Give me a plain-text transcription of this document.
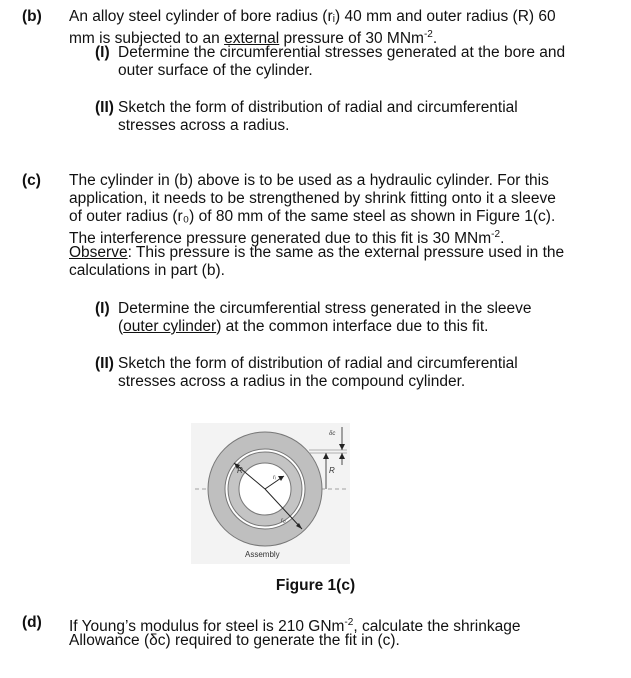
(b) An alloy steel cylinder of bore radius (rᵢ) 40 mm and outer radius (R) 60
mm is subjected to an external pressure of 30 MNm$^{-2}$.
(I) Determine the circumferential stresses generated at the bore and
outer surface of the cylinder.
(II) Sketch the form of distribution of radial and circumferential
stresses across a radius.
(c) The cylinder in (b) above is to be used as a hydraulic cylinder. For this
application, it needs to be strengthened by shrink fitting onto it a sleeve
of outer radius (r₀) of 80 mm of the same steel as shown in Figure 1(c).
The interference pressure generated due to this fit is 30 MNm$^{-2}$.
Observe: This pressure is the same as the external pressure used in the
calculations in part (b).
(I) Determine the circumferential stress generated in the sleeve
(outer cylinder) at the common interface due to this fit.
(II) Sketch the form of distribution of radial and circumferential
stresses across a radius in the compound cylinder.
R
rᵢ
r₀
R
δc
Assembly
Figure 1(c)
(d) If Young’s modulus for steel is 210 GNm$^{-2}$, calculate the shrinkage
Allowance (δc) required to generate the fit in (c).
